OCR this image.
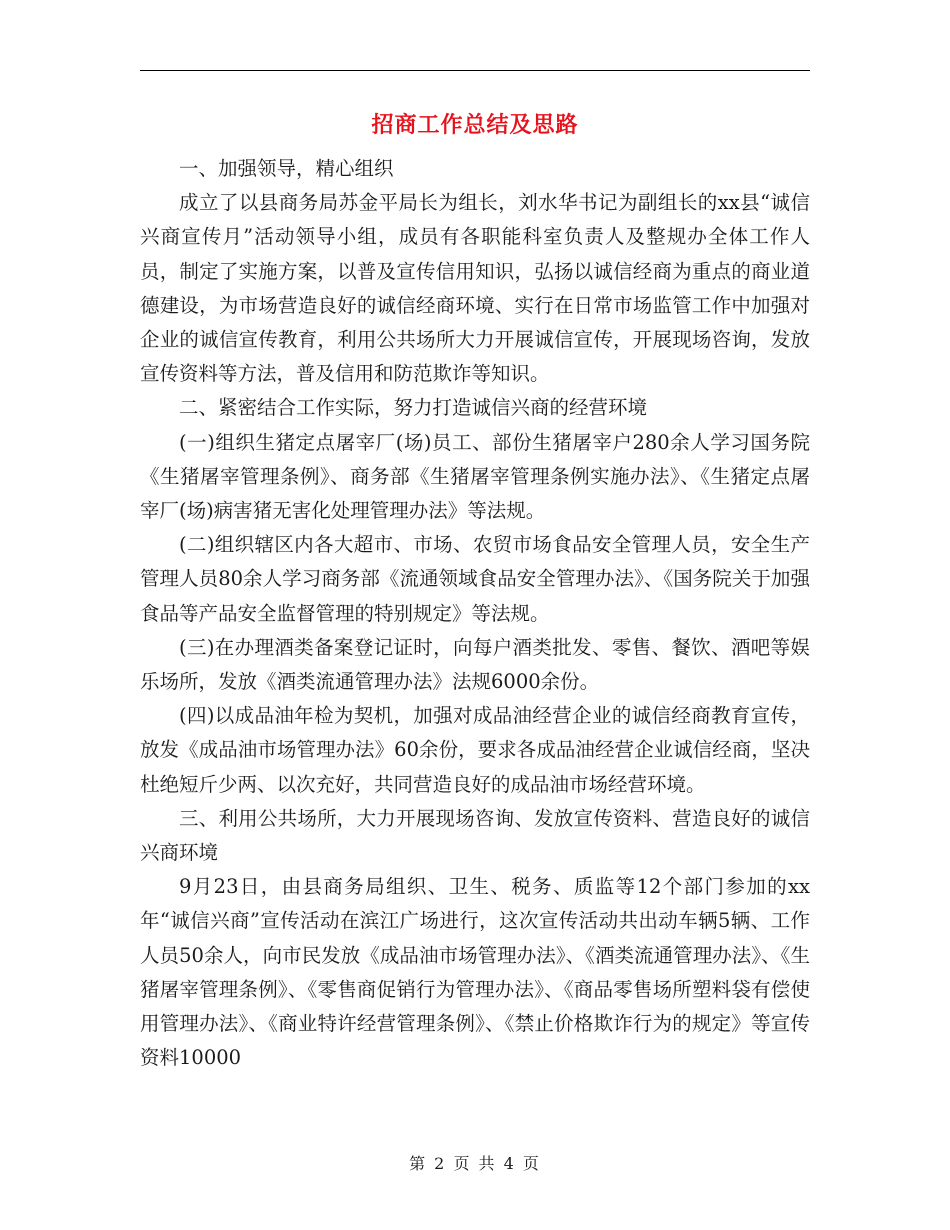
招商工作总结及思路

一、加强领导，精心组织

成立了以县商务局苏金平局长为组长，刘水华书记为副组长的xx县“诚信兴商宣传月”活动领导小组，成员有各职能科室负责人及整规办全体工作人员，制定了实施方案，以普及宣传信用知识，弘扬以诚信经商为重点的商业道德建设，为市场营造良好的诚信经商环境、实行在日常市场监管工作中加强对企业的诚信宣传教育，利用公共场所大力开展诚信宣传，开展现场咨询，发放宣传资料等方法，普及信用和防范欺诈等知识。

二、紧密结合工作实际，努力打造诚信兴商的经营环境

(一)组织生猪定点屠宰厂(场)员工、部份生猪屠宰户280余人学习国务院《生猪屠宰管理条例》、商务部《生猪屠宰管理条例实施办法》、《生猪定点屠宰厂(场)病害猪无害化处理管理办法》等法规。

(二)组织辖区内各大超市、市场、农贸市场食品安全管理人员，安全生产管理人员80余人学习商务部《流通领域食品安全管理办法》、《国务院关于加强食品等产品安全监督管理的特别规定》等法规。

(三)在办理酒类备案登记证时，向每户酒类批发、零售、餐饮、酒吧等娱乐场所，发放《酒类流通管理办法》法规6000余份。

(四)以成品油年检为契机，加强对成品油经营企业的诚信经商教育宣传，放发《成品油市场管理办法》60余份，要求各成品油经营企业诚信经商，坚决杜绝短斤少两、以次充好，共同营造良好的成品油市场经营环境。

三、利用公共场所，大力开展现场咨询、发放宣传资料、营造良好的诚信兴商环境

9月23日，由县商务局组织、卫生、税务、质监等12个部门参加的xx年“诚信兴商”宣传活动在滨江广场进行，这次宣传活动共出动车辆5辆、工作人员50余人，向市民发放《成品油市场管理办法》、《酒类流通管理办法》、《生猪屠宰管理条例》、《零售商促销行为管理办法》、《商品零售场所塑料袋有偿使用管理办法》、《商业特许经营管理条例》、《禁止价格欺诈行为的规定》等宣传资料10000

第 2 页 共 4 页
